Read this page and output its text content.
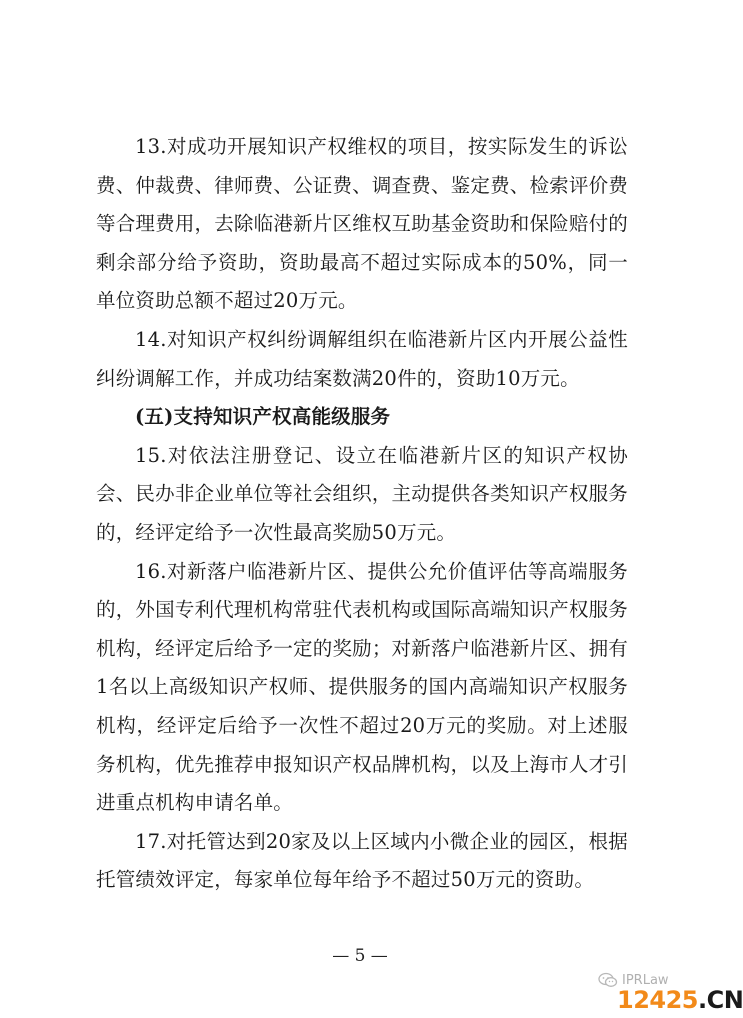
13.对成功开展知识产权维权的项目，按实际发生的诉讼费、仲裁费、律师费、公证费、调查费、鉴定费、检索评价费等合理费用，去除临港新片区维权互助基金资助和保险赔付的剩余部分给予资助，资助最高不超过实际成本的50%，同一单位资助总额不超过20万元。

14.对知识产权纠纷调解组织在临港新片区内开展公益性纠纷调解工作，并成功结案数满20件的，资助10万元。

(五)支持知识产权高能级服务

15.对依法注册登记、设立在临港新片区的知识产权协会、民办非企业单位等社会组织，主动提供各类知识产权服务的，经评定给予一次性最高奖励50万元。

16.对新落户临港新片区、提供公允价值评估等高端服务的，外国专利代理机构常驻代表机构或国际高端知识产权服务机构，经评定后给予一定的奖励；对新落户临港新片区、拥有1名以上高级知识产权师、提供服务的国内高端知识产权服务机构，经评定后给予一次性不超过20万元的奖励。对上述服务机构，优先推荐申报知识产权品牌机构，以及上海市人才引进重点机构申请名单。

17.对托管达到20家及以上区域内小微企业的园区，根据托管绩效评定，每家单位每年给予不超过50万元的资助。

— 5 —
IPRLaw
12425.CN
